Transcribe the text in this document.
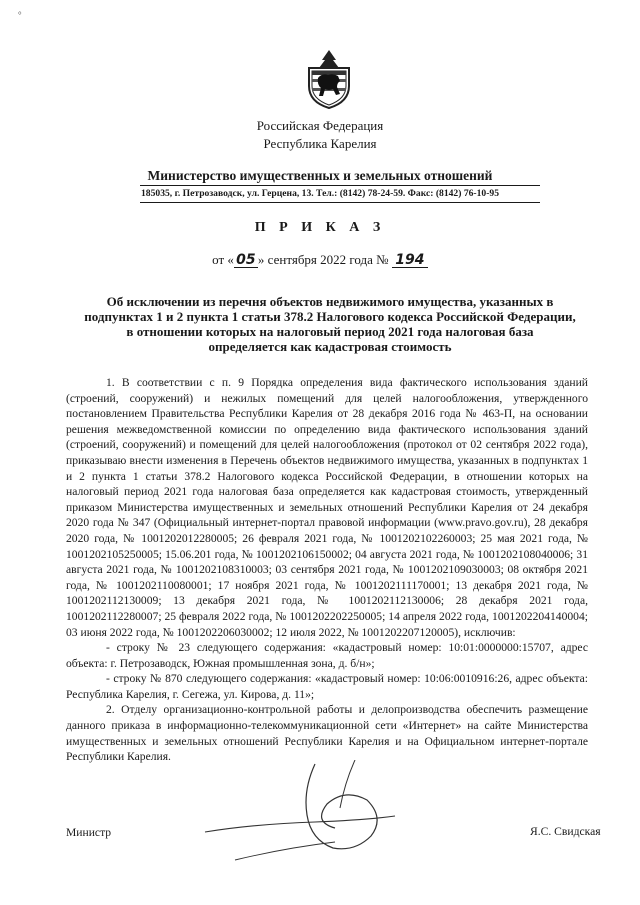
°
Российская Федерация
Республика Карелия
Министерство имущественных и земельных отношений
185035, г. Петрозаводск, ул. Герцена, 13. Тел.: (8142) 78-24-59. Факс: (8142) 76-10-95
П Р И К А З
от « 05 » сентября 2022 года № 194
Об исключении из перечня объектов недвижимого имущества, указанных в
подпунктах 1 и 2 пункта 1 статьи 378.2 Налогового кодекса Российской Федерации,
в отношении которых на налоговый период 2021 года налоговая база
определяется как кадастровая стоимость

1. В соответствии с п. 9 Порядка определения вида фактического использования зданий (строений, сооружений) и нежилых помещений для целей налогообложения, утвержденного постановлением Правительства Республики Карелия от 28 декабря 2016 года № 463-П, на основании решения межведомственной комиссии по определению вида фактического использования зданий (строений, сооружений) и помещений для целей налогообложения (протокол от 02 сентября 2022 года), приказываю внести изменения в Перечень объектов недвижимого имущества, указанных в подпунктах 1 и 2 пункта 1 статьи 378.2 Налогового кодекса Российской Федерации, в отношении которых на налоговый период 2021 года налоговая база определяется как кадастровая стоимость, утвержденный приказом Министерства имущественных и земельных отношений Республики Карелия от 24 декабря 2020 года № 347 (Официальный интернет-портал правовой информации (www.pravo.gov.ru), 28 декабря 2020 года, № 1001202012280005; 26 февраля 2021 года, № 1001202102260003; 25 мая 2021 года, № 1001202105250005; 15.06.201 года, № 1001202106150002; 04 августа 2021 года, № 1001202108040006; 31 августа 2021 года, № 1001202108310003; 03 сентября 2021 года, № 1001202109030003; 08 октября 2021 года, № 1001202110080001; 17 ноября 2021 года, № 1001202111170001; 13 декабря 2021 года, № 1001202112130009; 13 декабря 2021 года, № 1001202112130006; 28 декабря 2021 года, 1001202112280007; 25 февраля 2022 года, № 1001202202250005; 14 апреля 2022 года, 1001202204140004; 03 июня 2022 года, № 1001202206030002; 12 июля 2022, № 1001202207120005), исключив:

- строку № 23 следующего содержания: «кадастровый номер: 10:01:0000000:15707, адрес объекта: г. Петрозаводск, Южная промышленная зона, д. б/н»;

- строку № 870 следующего содержания: «кадастровый номер: 10:06:0010916:26, адрес объекта: Республика Карелия, г. Сегежа, ул. Кирова, д. 11»;

2. Отделу организационно-контрольной работы и делопроизводства обеспечить размещение данного приказа в информационно-телекоммуникационной сети «Интернет» на сайте Министерства имущественных и земельных отношений Республики Карелия и на Официальном интернет-портале Республики Карелия.

Министр	Я.С. Свидская
